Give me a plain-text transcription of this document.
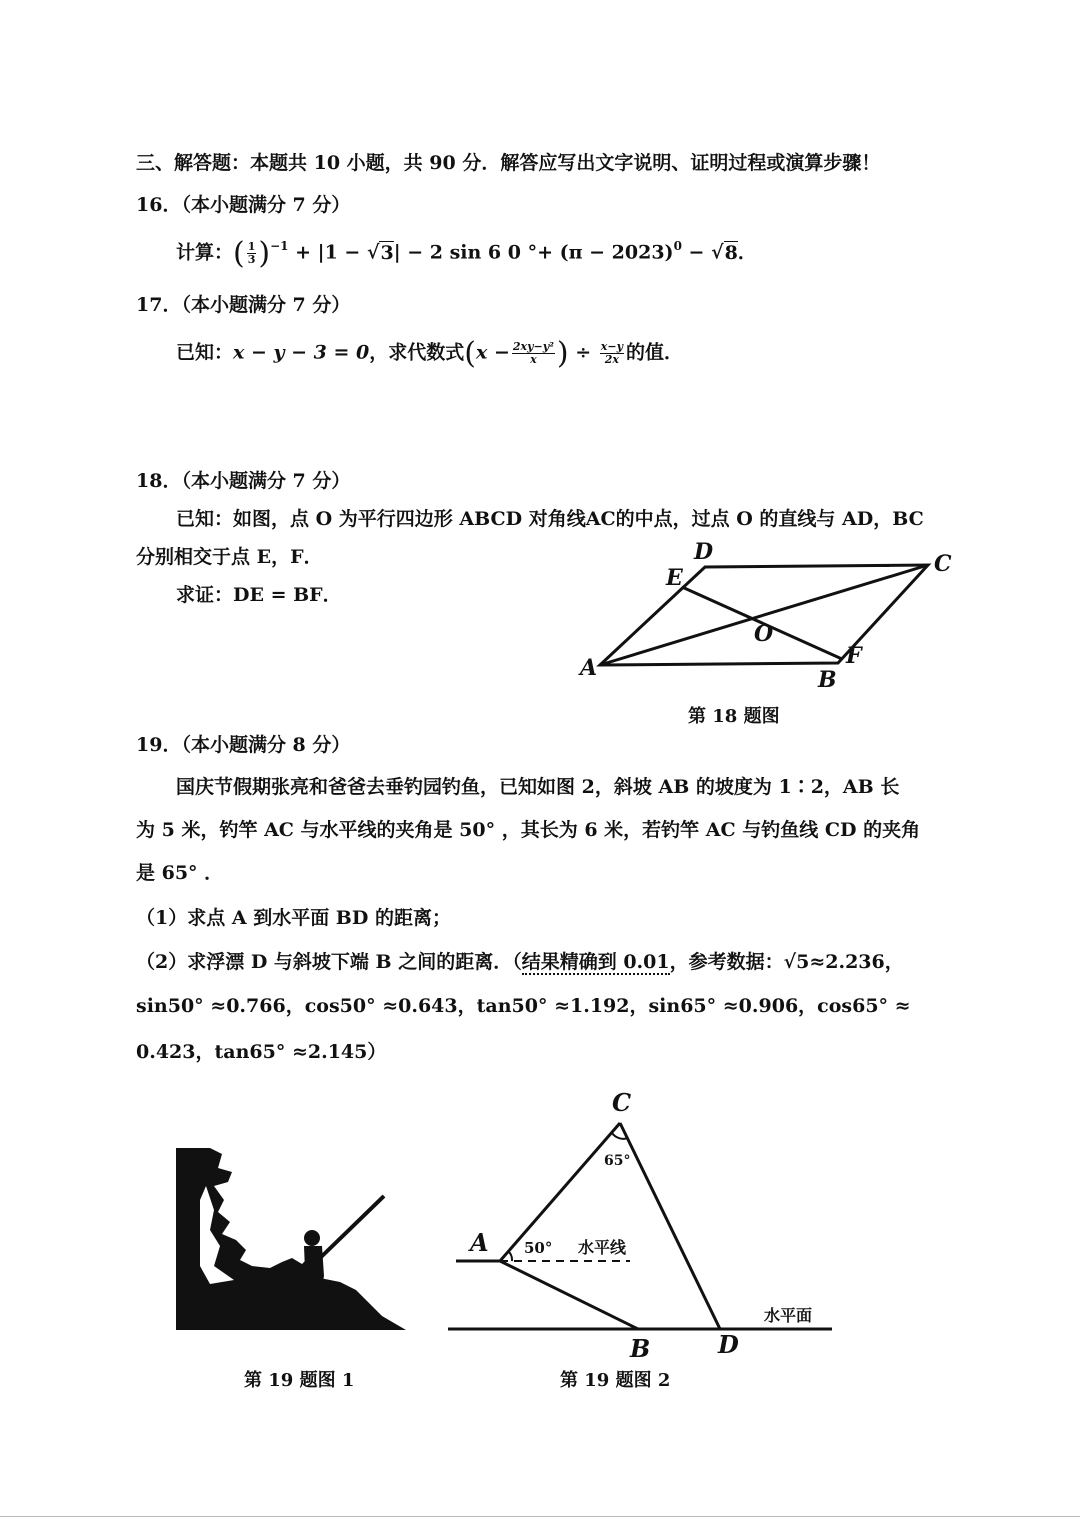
三、解答题：本题共 10 小题，共 90 分．解答应写出文字说明、证明过程或演算步骤！
16．（本小题满分 7 分）
计算：( $\frac{1}{3} )^{-1} + |1 - √3| - 2$ sin 6 0 °+ $(\pi - 2023)^0 - √8$．
17．（本小题满分 7 分）
已知：x − y − 3 = 0，求代数式($x - \frac{\text{2xy−y²}}{x}$ ) ÷ $\frac{x-y}{2x}$ 的值．
18．（本小题满分 7 分）
已知：如图，点 O 为平行四边形 ABCD 对角线AC的中点，过点 O 的直线与 AD，BC
分别相交于点 E，F．
求证：DE = BF．
D	C
E
O
F
A	B
第 18 题图
19．（本小题满分 8 分）
国庆节假期张亮和爸爸去垂钓园钓鱼，已知如图 2，斜坡 AB 的坡度为 1∶2，AB 长
为 5 米，钓竿 AC 与水平线的夹角是 50° ，其长为 6 米，若钓竿 AC 与钓鱼线 CD 的夹角
是 65° ．
（1）求点 A 到水平面 BD 的距离；
（2）求浮漂 D 与斜坡下端 B 之间的距离．（结果精确到 0.01，参考数据：√5≈2.236，
sin50° ≈0.766，cos50° ≈0.643，tan50° ≈1.192，sin65° ≈0.906，cos65° ≈
0.423，tan65° ≈2.145）
第 19 题图 1
C
A
B	D
65°
50° 水平线
水平面
第 19 题图 2
